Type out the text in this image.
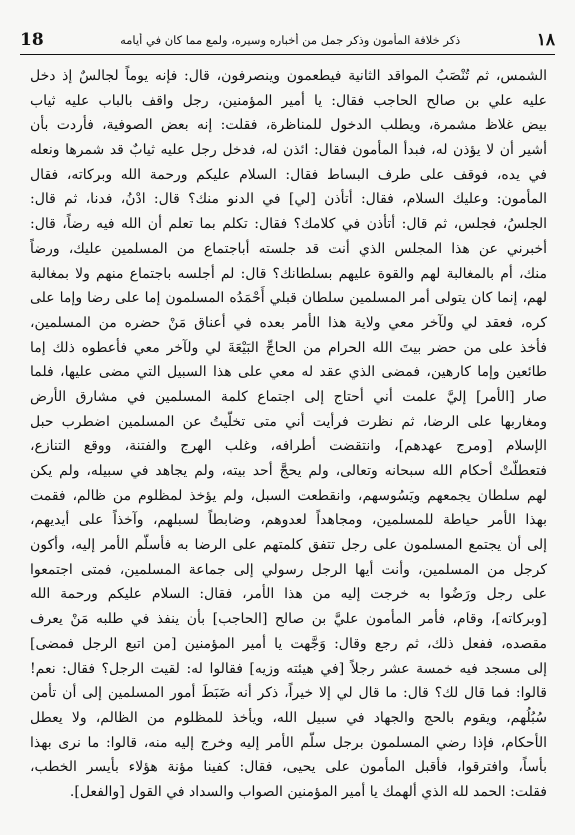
18	ذكر خلافة المأمون وذكر جمل من أخباره وسيره، ولمع مما كان في أيامه	١٨
الشمس، ثم تُنْصَبُ المواقد الثانية فيطعمون وينصرفون، قال: فإنه يوماً لجالسٌ إذ دخل
عليه علي بن صالح الحاجب فقال: يا أمير المؤمنين، رجل واقف بالباب عليه ثياب
بيض غلاظ مشمرة، ويطلب الدخول للمناظرة، فقلت: إنه بعض الصوفية، فأردت بأن
أشير أن لا يؤذن له، فبدأ المأمون فقال: ائذن له، فدخل رجل عليه ثيابٌ قد شمرها ونعله
في يده، فوقف على طرف البساط فقال: السلام عليكم ورحمة الله وبركاته، فقال
المأمون: وعليك السلام، فقال: أتأذن [لي] في الدنو منك؟ قال: ادْنُ، فدنا، ثم قال:
الجلسُ، فجلس، ثم قال: أتأذن في كلامك؟ فقال: تكلم بما تعلم أن الله فيه رضاً، قال:
أخبرني عن هذا المجلس الذي أنت قد جلسته أباجتماع من المسلمين عليك، ورضاً
منك، أم بالمغالبة لهم والقوة عليهم بسلطانك؟ قال: لم أجلسه باجتماع منهم ولا بمغالبة
لهم، إنما كان يتولى أمر المسلمين سلطان قبلي أَحْمَدُه المسلمون إما على رضا وإما على
كره، فعقد لي ولآخر معي ولاية هذا الأمر بعده في أعناق مَنْ حضره من المسلمين،
فأخذ على من حضر بيتَ الله الحرام من الحاجِّ البَيْعَةَ لي ولآخر معي فأعطوه ذلك إما
طائعين وإما كارهين، فمضى الذي عقد له معي على هذا السبيل التي مضى عليها، فلما
صار [الأمر] إليَّ علمت أني أحتاج إلى اجتماع كلمة المسلمين في مشارق الأرض
ومغاربها على الرضا، ثم نظرت فرأيت أني متى تخلّيتُ عن المسلمين اضطرب حبل
الإسلام [ومرج عهدهم]، وانتقضت أطرافه، وغلب الهرج والفتنة، ووقع التنازع،
فتعطلّتْ أحكام الله سبحانه وتعالى، ولم يحجَّ أحد بيته، ولم يجاهد في سبيله، ولم يكن
لهم سلطان يجمعهم ويَسُوسهم، وانقطعت السبل، ولم يؤخذ لمظلوم من ظالم، فقمت
بهذا الأمر حياطة للمسلمين، ومجاهداً لعدوهم، وضابطاً لسبلهم، وآخذاً على أيديهم،
إلى أن يجتمع المسلمون على رجل تتفق كلمتهم على الرضا به فأسلّم الأمر إليه، وأكون
كرجل من المسلمين، وأنت أيها الرجل رسولي إلى جماعة المسلمين، فمتى اجتمعوا
على رجل ورَضُوا به خرجت إليه من هذا الأمر، فقال: السلام عليكم ورحمة الله
[وبركاته]، وقام، فأمر المأمون عليَّ بن صالح [الحاجب] بأن ينفذ في طلبه مَنْ يعرف
مقصده، ففعل ذلك، ثم رجع وقال: وَجَّهت يا أمير المؤمنين [من اتبع الرجل فمضى]
إلى مسجد فيه خمسة عشر رجلاً [في هيئته وزيه] فقالوا له: لقيت الرجل؟ فقال: نعم!
قالوا: فما قال لك؟ قال: ما قال لي إلا خيراً، ذكر أنه ضَبَطَ أمور المسلمين إلى أن تأمن
سُبُلُهم، ويقوم بالحج والجهاد في سبيل الله، ويأخذ للمظلوم من الظالم، ولا يعطل
الأحكام، فإذا رضي المسلمون برجل سلّم الأمر إليه وخرج إليه منه، قالوا: ما نرى بهذا
بأساً، وافترقوا، فأقبل المأمون على يحيى، فقال: كفينا مؤنة هؤلاء بأيسر الخطب،
فقلت: الحمد لله الذي ألهمك يا أمير المؤمنين الصواب والسداد في القول [والفعل].
